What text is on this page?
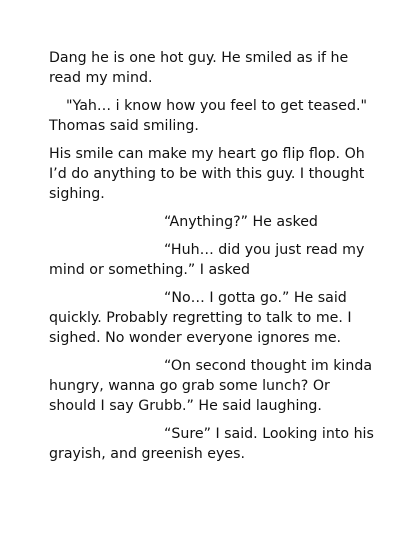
Dang he is one hot guy. He smiled as if he read my mind.

"Yah… i know how you feel to get teased." Thomas said smiling.

His smile can make my heart go flip flop. Oh I’d do anything to be with this guy. I thought sighing.

“Anything?” He asked

“Huh… did you just read my mind or something.” I asked

“No… I gotta go.” He said quickly. Probably regretting to talk to me. I sighed. No wonder everyone ignores me.

“On second thought im kinda hungry, wanna go grab some lunch? Or should I say Grubb.” He said laughing.

“Sure” I said. Looking into his grayish, and greenish eyes.
